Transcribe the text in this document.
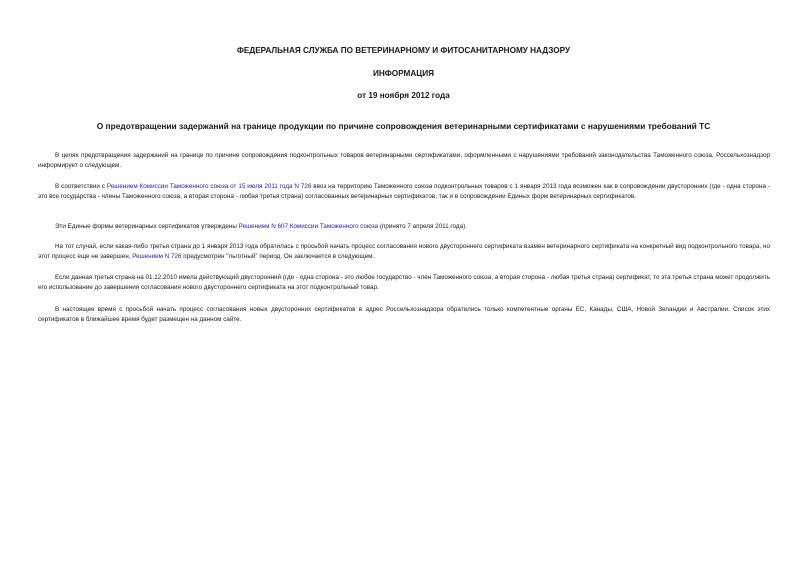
ФЕДЕРАЛЬНАЯ СЛУЖБА ПО ВЕТЕРИНАРНОМУ И ФИТОСАНИТАРНОМУ НАДЗОРУ
ИНФОРМАЦИЯ
от 19 ноября 2012 года
О предотвращении задержаний на границе продукции по причине сопровождения ветеринарными сертификатами с нарушениями требований ТС

В целях предотвращения задержаний на границе по причине сопровождения подконтрольных товаров ветеринарными сертификатами, оформленными с нарушениями требований законодательства Таможенного союза, Россельхознадзор информирует о следующем.

В соответствии с Решением Комиссии Таможенного союза от 15 июля 2011 года N 726 ввоз на территорию Таможенного союза подконтрольных товаров с 1 января 2013 года возможен как в сопровождении двусторонних (где - одна сторона - это все государства - члены Таможенного союза, а вторая сторона - любая третья страна) согласованных ветеринарных сертификатов, так и в сопровождении Единых форм ветеринарных сертификатов.

Эти Единые формы ветеринарных сертификатов утверждены Решением N 607 Комиссии Таможенного союза (принято 7 апреля 2011 года).

На тот случай, если какая-либо третья страна до 1 января 2013 года обратилась с просьбой начать процесс согласования нового двустороннего сертификата взамен ветеринарного сертификата на конкретный вид подконтрольного товара, но этот процесс еще не завершен, Решением N 726 предусмотрен "льготный" период. Он заключается в следующем.

Если данная третья страна на 01.12.2010 имела действующий двусторонний (где - одна сторона - это любое государство - член Таможенного союза, а вторая сторона - любая третья страна) сертификат, то эта третья страна может продолжить его использование до завершения согласования нового двустороннего сертификата на этот подконтрольный товар.

В настоящее время с просьбой начать процесс согласования новых двусторонних сертификатов в адрес Россельхознадзора обратились только компетентные органы ЕС, Канады, США, Новой Зеландии и Австралии. Список этих сертификатов в ближайшее время будет размещен на данном сайте.
